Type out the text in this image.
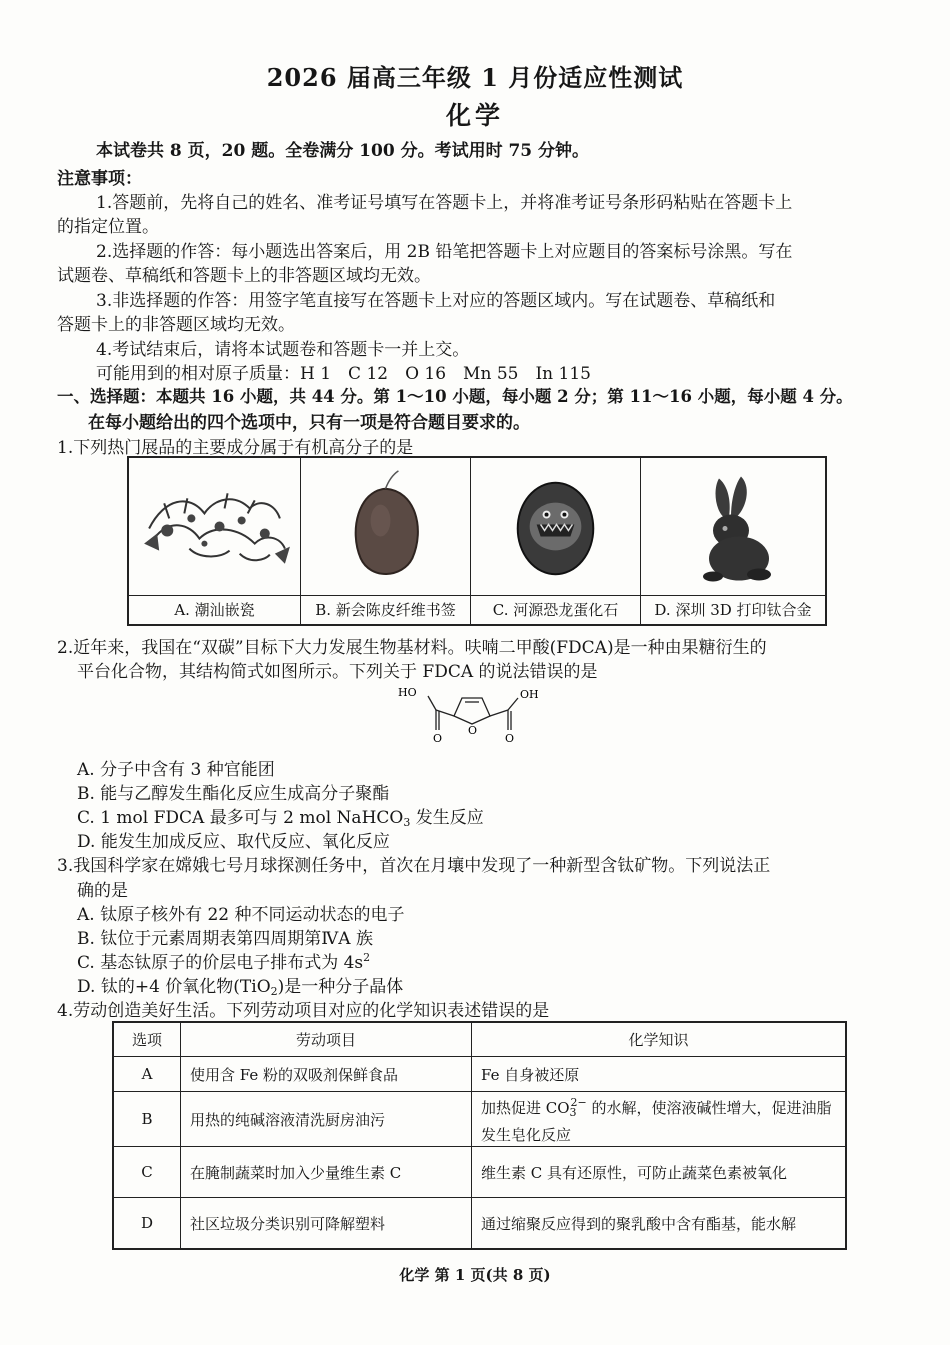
2026 届高三年级 1 月份适应性测试
化学
本试卷共 8 页，20 题。全卷满分 100 分。考试用时 75 分钟。
注意事项：
1.答题前，先将自己的姓名、准考证号填写在答题卡上，并将准考证号条形码粘贴在答题卡上
的指定位置。
2.选择题的作答：每小题选出答案后，用 2B 铅笔把答题卡上对应题目的答案标号涂黑。写在
试题卷、草稿纸和答题卡上的非答题区域均无效。
3.非选择题的作答：用签字笔直接写在答题卡上对应的答题区域内。写在试题卷、草稿纸和
答题卡上的非答题区域均无效。
4.考试结束后，请将本试题卷和答题卡一并上交。
可能用到的相对原子质量：H 1　C 12　O 16　Mn 55　In 115
一、选择题：本题共 16 小题，共 44 分。第 1～10 小题，每小题 2 分；第 11～16 小题，每小题 4 分。
在每小题给出的四个选项中，只有一项是符合题目要求的。
1.下列热门展品的主要成分属于有机高分子的是
A. 潮汕嵌瓷	B. 新会陈皮纤维书签	C. 河源恐龙蛋化石	D. 深圳 3D 打印钛合金
2.近年来，我国在“双碳”目标下大力发展生物基材料。呋喃二甲酸(FDCA)是一种由果糖衍生的
平台化合物，其结构简式如图所示。下列关于 FDCA 的说法错误的是
HO	OH
O
O	O
A. 分子中含有 3 种官能团
B. 能与乙醇发生酯化反应生成高分子聚酯
C. 1 mol FDCA 最多可与 2 mol NaHCO$_3$ 发生反应
D. 能发生加成反应、取代反应、氧化反应
3.我国科学家在嫦娥七号月球探测任务中，首次在月壤中发现了一种新型含钛矿物。下列说法正
确的是
A. 钛原子核外有 22 种不同运动状态的电子
B. 钛位于元素周期表第四周期第ⅣA 族
C. 基态钛原子的价层电子排布式为 $4s^2$
D. 钛的+4 价氧化物(TiO$_2$)是一种分子晶体
4.劳动创造美好生活。下列劳动项目对应的化学知识表述错误的是
选项	劳动项目	化学知识
A	使用含 Fe 粉的双吸剂保鲜食品	Fe 自身被还原
B	用热的纯碱溶液清洗厨房油污	加热促进 $CO_3^{2-}$ 的水解，使溶液碱性增大，促进油脂发生皂化反应
C	在腌制蔬菜时加入少量维生素 C	维生素 C 具有还原性，可防止蔬菜色素被氧化
D	社区垃圾分类识别可降解塑料	通过缩聚反应得到的聚乳酸中含有酯基，能水解
化学 第 1 页(共 8 页)
